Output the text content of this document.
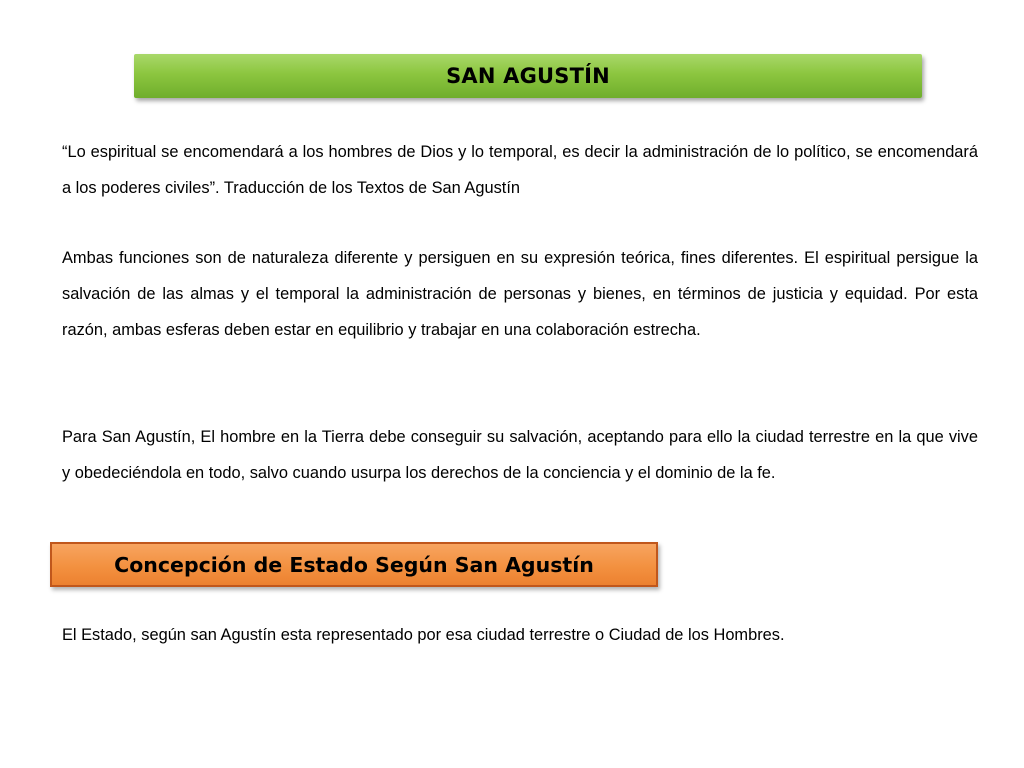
SAN AGUSTÍN

“Lo espiritual se encomendará a los hombres de Dios y lo temporal, es decir la administración de lo político, se encomendará a los poderes civiles”. Traducción de los Textos de San Agustín

Ambas funciones son de naturaleza diferente y persiguen en su expresión teórica, fines diferentes. El espiritual persigue la salvación de las almas y el temporal la administración de personas y bienes, en términos de justicia y equidad. Por esta razón, ambas esferas deben estar en equilibrio y trabajar en una colaboración estrecha.

Para San Agustín, El hombre en la Tierra debe conseguir su salvación, aceptando para ello la ciudad terrestre en la que vive y obedeciéndola en todo, salvo cuando usurpa los derechos de la conciencia y el dominio de la fe.

Concepción de Estado Según San Agustín

El Estado, según san Agustín esta representado por esa ciudad terrestre o Ciudad de los Hombres.
